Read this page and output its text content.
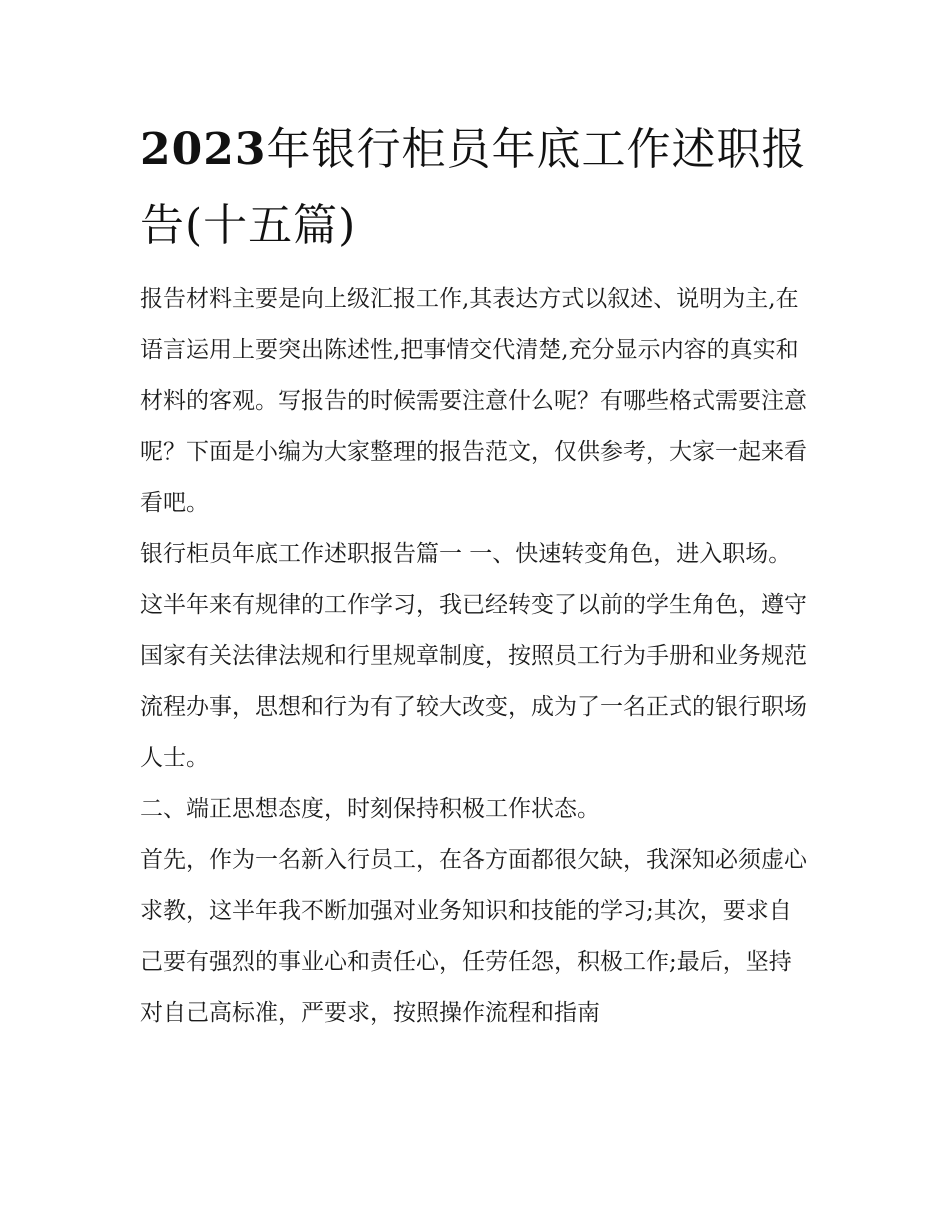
2023年银行柜员年底工作述职报告(十五篇)

报告材料主要是向上级汇报工作,其表达方式以叙述、说明为主,在语言运用上要突出陈述性,把事情交代清楚,充分显示内容的真实和材料的客观。写报告的时候需要注意什么呢？有哪些格式需要注意呢？下面是小编为大家整理的报告范文，仅供参考，大家一起来看看吧。

银行柜员年底工作述职报告篇一 一、快速转变角色，进入职场。

这半年来有规律的工作学习，我已经转变了以前的学生角色，遵守国家有关法律法规和行里规章制度，按照员工行为手册和业务规范流程办事，思想和行为有了较大改变，成为了一名正式的银行职场人士。

二、端正思想态度，时刻保持积极工作状态。

首先，作为一名新入行员工，在各方面都很欠缺，我深知必须虚心求教，这半年我不断加强对业务知识和技能的学习;其次，要求自己要有强烈的事业心和责任心，任劳任怨，积极工作;最后，坚持对自己高标准，严要求，按照操作流程和指南
